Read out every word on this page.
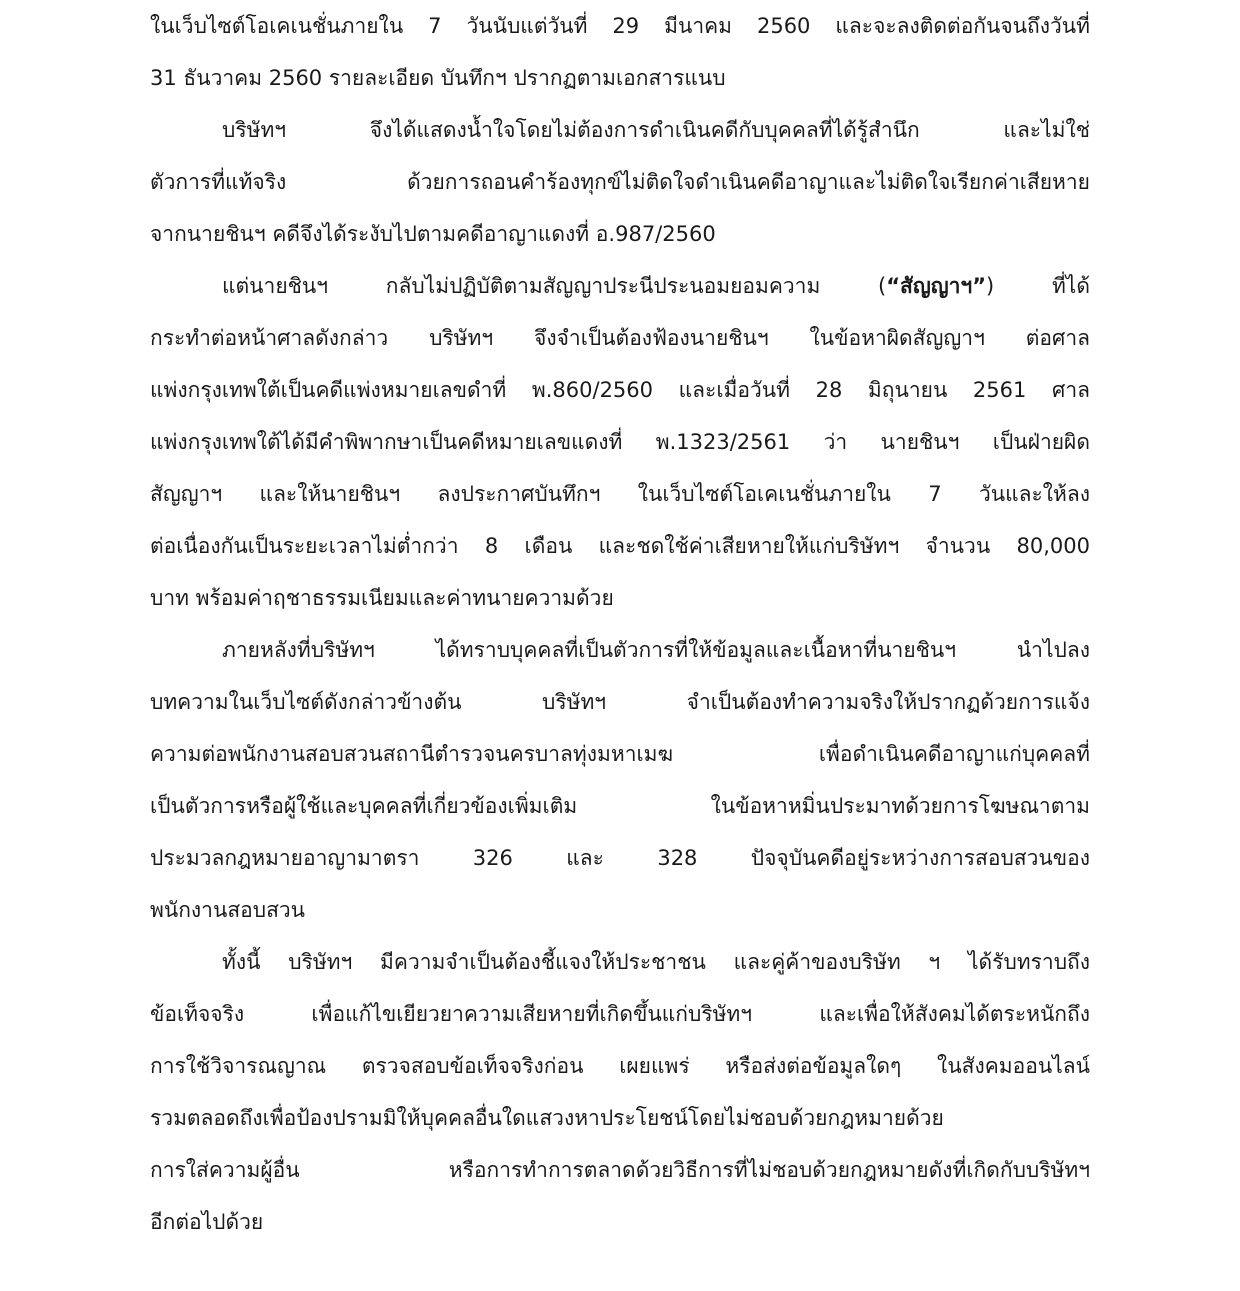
ในเว็บไซต์โอเคเนชั่นภายใน 7 วันนับแต่วันที่ 29 มีนาคม 2560 และจะลงติดต่อกันจนถึงวันที่
31 ธันวาคม 2560 รายละเอียด บันทึกฯ ปรากฏตามเอกสารแนบ
บริษัทฯ จึงได้แสดงน้ำใจโดยไม่ต้องการดำเนินคดีกับบุคคลที่ได้รู้สำนึก และไม่ใช่
ตัวการที่แท้จริง ด้วยการถอนคำร้องทุกข์ไม่ติดใจดำเนินคดีอาญาและไม่ติดใจเรียกค่าเสียหาย
จากนายชินฯ คดีจึงได้ระงับไปตามคดีอาญาแดงที่ อ.987/2560
แต่นายชินฯ กลับไม่ปฏิบัติตามสัญญาประนีประนอมยอมความ (“สัญญาฯ”) ที่ได้
กระทำต่อหน้าศาลดังกล่าว บริษัทฯ จึงจำเป็นต้องฟ้องนายชินฯ ในข้อหาผิดสัญญาฯ ต่อศาล
แพ่งกรุงเทพใต้เป็นคดีแพ่งหมายเลขดำที่ พ.860/2560 และเมื่อวันที่ 28 มิถุนายน 2561 ศาล
แพ่งกรุงเทพใต้ได้มีคำพิพากษาเป็นคดีหมายเลขแดงที่ พ.1323/2561 ว่า นายชินฯ เป็นฝ่ายผิด
สัญญาฯ และให้นายชินฯ ลงประกาศบันทึกฯ ในเว็บไซต์โอเคเนชั่นภายใน 7 วันและให้ลง
ต่อเนื่องกันเป็นระยะเวลาไม่ต่ำกว่า 8 เดือน และชดใช้ค่าเสียหายให้แก่บริษัทฯ จำนวน 80,000
บาท พร้อมค่าฤชาธรรมเนียมและค่าทนายความด้วย
ภายหลังที่บริษัทฯ ได้ทราบบุคคลที่เป็นตัวการที่ให้ข้อมูลและเนื้อหาที่นายชินฯ นำไปลง
บทความในเว็บไซต์ดังกล่าวข้างต้น บริษัทฯ จำเป็นต้องทำความจริงให้ปรากฏด้วยการแจ้ง
ความต่อพนักงานสอบสวนสถานีตำรวจนครบาลทุ่งมหาเมฆ เพื่อดำเนินคดีอาญาแก่บุคคลที่
เป็นตัวการหรือผู้ใช้และบุคคลที่เกี่ยวข้องเพิ่มเติม ในข้อหาหมิ่นประมาทด้วยการโฆษณาตาม
ประมวลกฎหมายอาญามาตรา 326 และ 328 ปัจจุบันคดีอยู่ระหว่างการสอบสวนของ
พนักงานสอบสวน
ทั้งนี้ บริษัทฯ มีความจำเป็นต้องชี้แจงให้ประชาชน และคู่ค้าของบริษัท ฯ ได้รับทราบถึง
ข้อเท็จจริง เพื่อแก้ไขเยียวยาความเสียหายที่เกิดขึ้นแก่บริษัทฯ และเพื่อให้สังคมได้ตระหนักถึง
การใช้วิจารณญาณ ตรวจสอบข้อเท็จจริงก่อน เผยแพร่ หรือส่งต่อข้อมูลใดๆ ในสังคมออนไลน์
รวมตลอดถึงเพื่อป้องปรามมิให้บุคคลอื่นใดแสวงหาประโยชน์โดยไม่ชอบด้วยกฎหมายด้วย
การใส่ความผู้อื่น หรือการทำการตลาดด้วยวิธีการที่ไม่ชอบด้วยกฎหมายดังที่เกิดกับบริษัทฯ
อีกต่อไปด้วย
